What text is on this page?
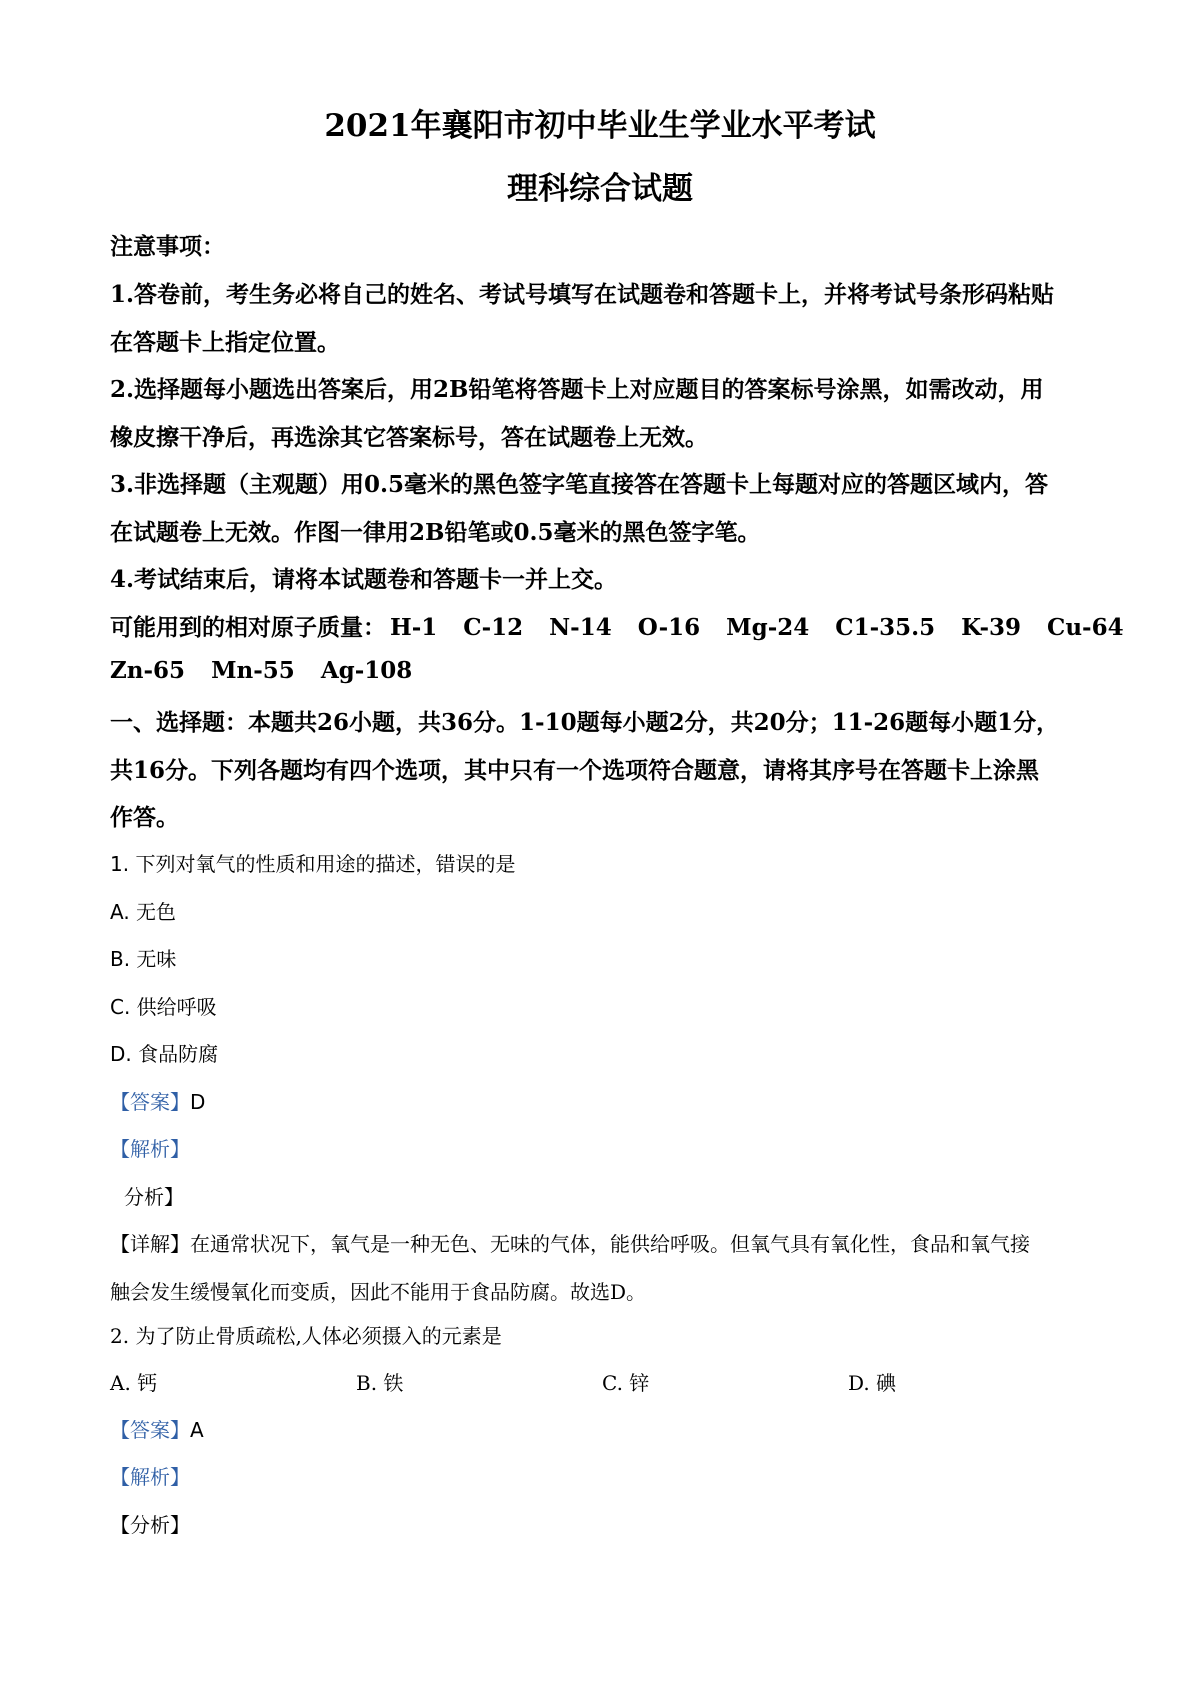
2021年襄阳市初中毕业生学业水平考试
理科综合试题
注意事项：
1.答卷前，考生务必将自己的姓名、考试号填写在试题卷和答题卡上，并将考试号条形码粘贴
在答题卡上指定位置。
2.选择题每小题选出答案后，用2B铅笔将答题卡上对应题目的答案标号涂黑，如需改动，用
橡皮擦干净后，再选涂其它答案标号，答在试题卷上无效。
3.非选择题（主观题）用0.5毫米的黑色签字笔直接答在答题卡上每题对应的答题区域内，答
在试题卷上无效。作图一律用2B铅笔或0.5毫米的黑色签字笔。
4.考试结束后，请将本试题卷和答题卡一并上交。
可能用到的相对原子质量： H-1 C-12 N-14 O-16 Mg-24 C1-35.5 K-39 Cu-64
Zn-65 Mn-55 Ag-108
一、选择题：本题共26小题，共36分。1-10题每小题2分，共20分；11-26题每小题1分，
共16分。下列各题均有四个选项，其中只有一个选项符合题意，请将其序号在答题卡上涂黑
作答。
1. 下列对氧气的性质和用途的描述，错误的是
A. 无色
B. 无味
C. 供给呼吸
D. 食品防腐
【答案】D
【解析】
分析】
【详解】在通常状况下，氧气是一种无色、无味的气体，能供给呼吸。但氧气具有氧化性，食品和氧气接
触会发生缓慢氧化而变质，因此不能用于食品防腐。故选D。
2. 为了防止骨质疏松,人体必须摄入的元素是
A. 钙	B. 铁	C. 锌	D. 碘
【答案】A
【解析】
【分析】
